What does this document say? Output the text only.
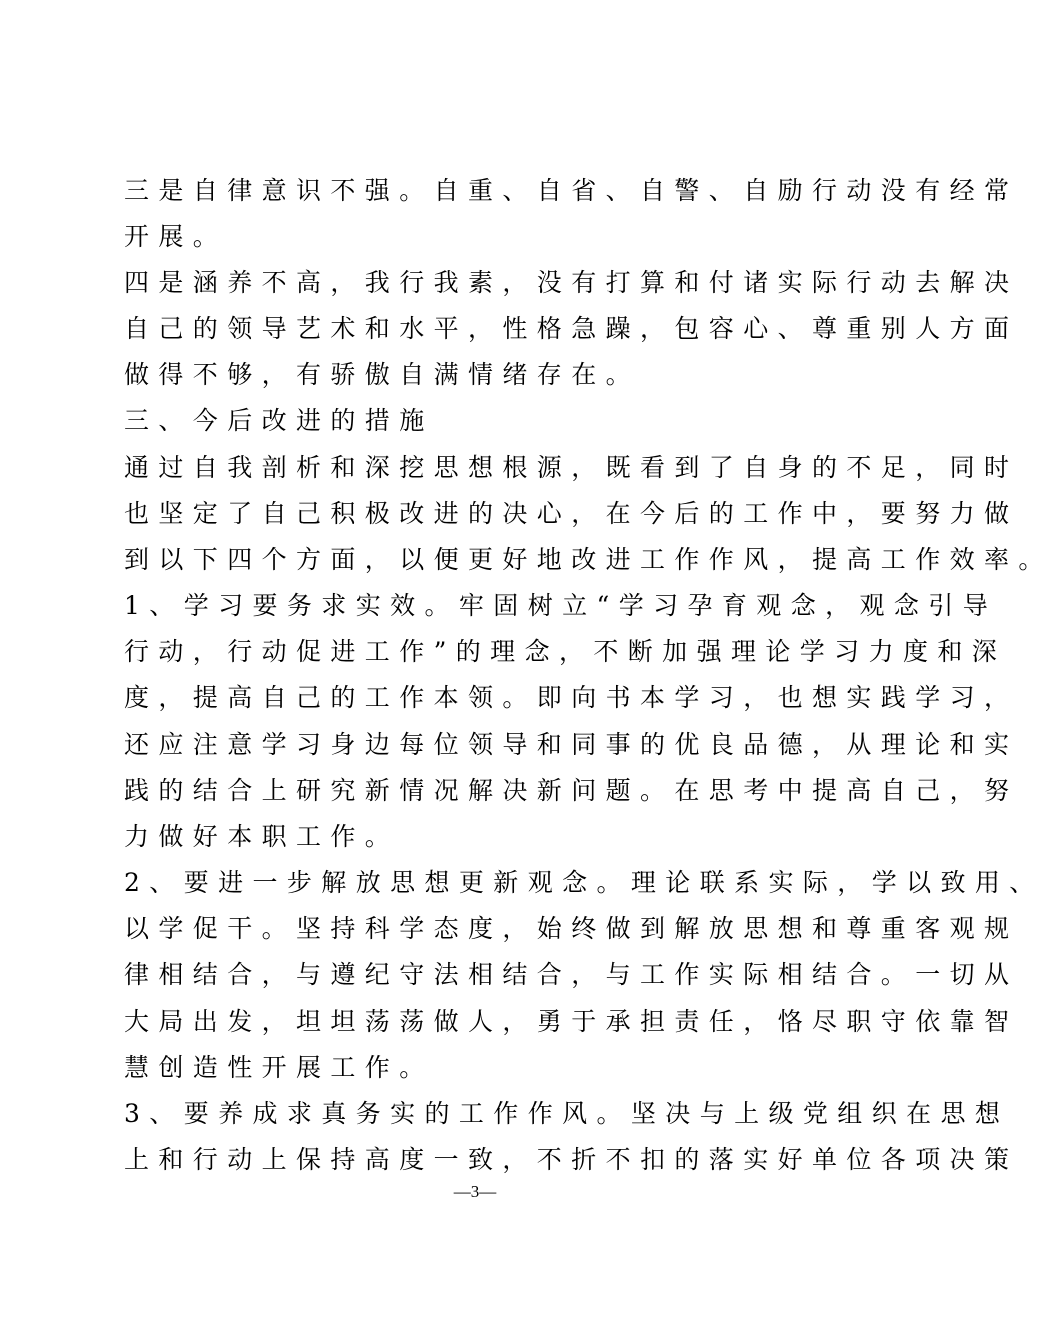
三是自律意识不强。自重、自省、自警、自励行动没有经常
开展。
四是涵养不高，我行我素，没有打算和付诸实际行动去解决
自己的领导艺术和水平，性格急躁，包容心、尊重别人方面
做得不够，有骄傲自满情绪存在。
三、今后改进的措施
通过自我剖析和深挖思想根源，既看到了自身的不足，同时
也坚定了自己积极改进的决心，在今后的工作中，要努力做
到以下四个方面，以便更好地改进工作作风，提高工作效率。
1、学习要务求实效。牢固树立“学习孕育观念，观念引导
行动，行动促进工作”的理念，不断加强理论学习力度和深
度，提高自己的工作本领。即向书本学习，也想实践学习，
还应注意学习身边每位领导和同事的优良品德，从理论和实
践的结合上研究新情况解决新问题。在思考中提高自己，努
力做好本职工作。
2、要进一步解放思想更新观念。理论联系实际，学以致用、
以学促干。坚持科学态度，始终做到解放思想和尊重客观规
律相结合，与遵纪守法相结合，与工作实际相结合。一切从
大局出发，坦坦荡荡做人，勇于承担责任，恪尽职守依靠智
慧创造性开展工作。
3、要养成求真务实的工作作风。坚决与上级党组织在思想
上和行动上保持高度一致，不折不扣的落实好单位各项决策
—3—
